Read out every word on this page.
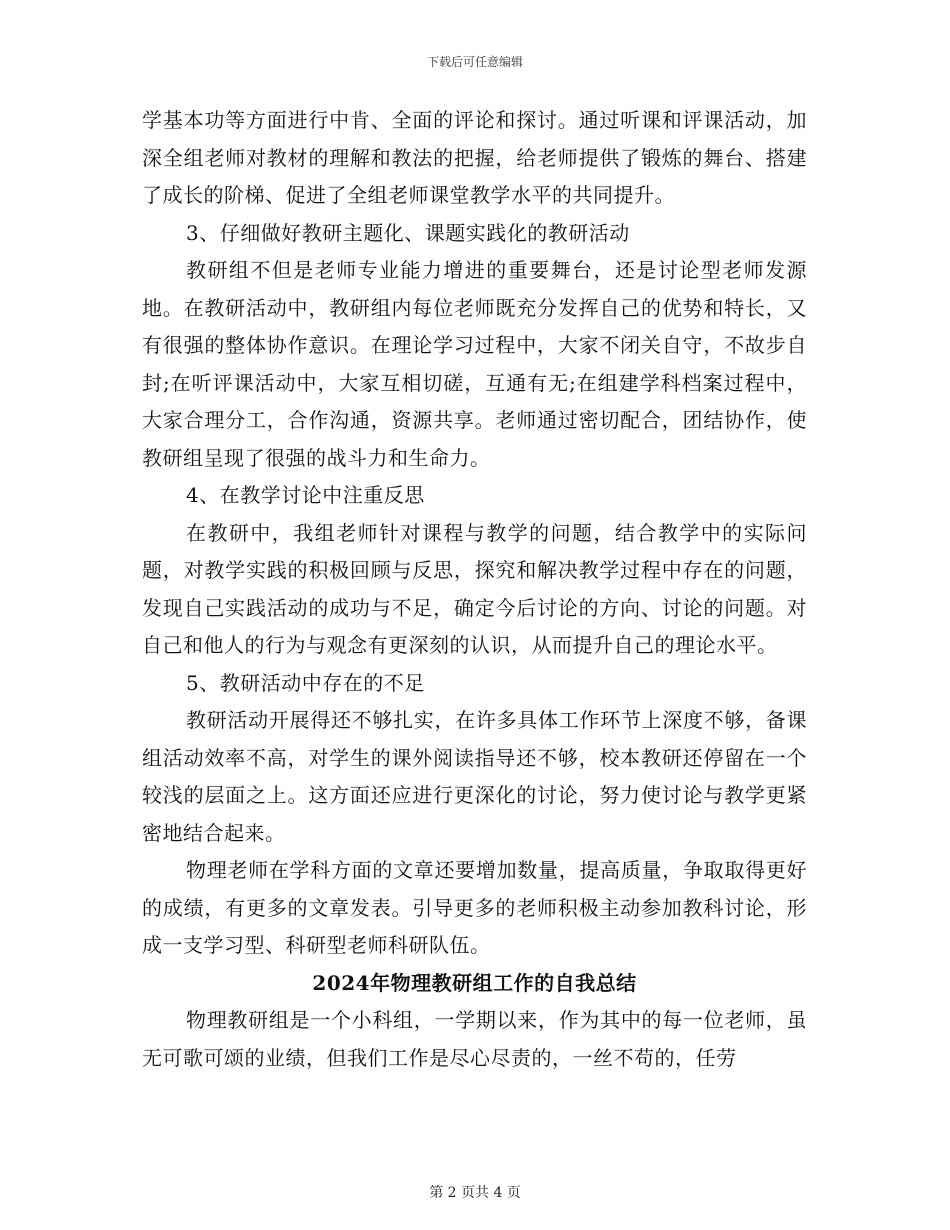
下载后可任意编辑

学基本功等方面进行中肯、全面的评论和探讨。通过听课和评课活动，加深全组老师对教材的理解和教法的把握，给老师提供了锻炼的舞台、搭建了成长的阶梯、促进了全组老师课堂教学水平的共同提升。

3、仔细做好教研主题化、课题实践化的教研活动

教研组不但是老师专业能力增进的重要舞台，还是讨论型老师发源地。在教研活动中，教研组内每位老师既充分发挥自己的优势和特长，又有很强的整体协作意识。在理论学习过程中，大家不闭关自守，不故步自封;在听评课活动中，大家互相切磋，互通有无;在组建学科档案过程中，大家合理分工，合作沟通，资源共享。老师通过密切配合，团结协作，使教研组呈现了很强的战斗力和生命力。

4、在教学讨论中注重反思

在教研中，我组老师针对课程与教学的问题，结合教学中的实际问题，对教学实践的积极回顾与反思，探究和解决教学过程中存在的问题，发现自己实践活动的成功与不足，确定今后讨论的方向、讨论的问题。对自己和他人的行为与观念有更深刻的认识，从而提升自己的理论水平。

5、教研活动中存在的不足

教研活动开展得还不够扎实，在许多具体工作环节上深度不够，备课组活动效率不高，对学生的课外阅读指导还不够，校本教研还停留在一个较浅的层面之上。这方面还应进行更深化的讨论，努力使讨论与教学更紧密地结合起来。

物理老师在学科方面的文章还要增加数量，提高质量，争取取得更好的成绩，有更多的文章发表。引导更多的老师积极主动参加教科讨论，形成一支学习型、科研型老师科研队伍。

2024年物理教研组工作的自我总结

物理教研组是一个小科组，一学期以来，作为其中的每一位老师，虽无可歌可颂的业绩，但我们工作是尽心尽责的，一丝不苟的，任劳

第 2 页共 4 页
